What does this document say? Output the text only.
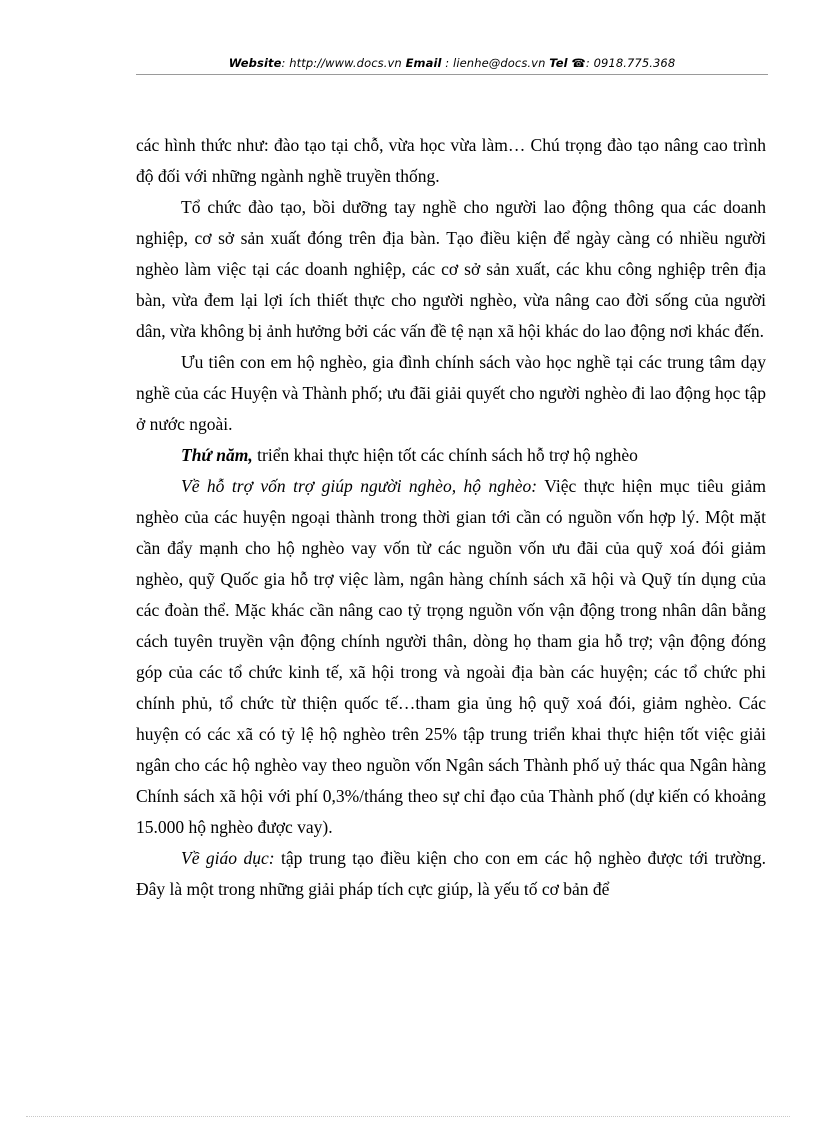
Website: http://www.docs.vn Email : lienhe@docs.vn Tel ☎: 0918.775.368

các hình thức như: đào tạo tại chỗ, vừa học vừa làm… Chú trọng đào tạo nâng cao trình độ đối với những ngành nghề truyền thống.

Tổ chức đào tạo, bồi dưỡng tay nghề cho người lao động thông qua các doanh nghiệp, cơ sở sản xuất đóng trên địa bàn. Tạo điều kiện để ngày càng có nhiều người nghèo làm việc tại các doanh nghiệp, các cơ sở sản xuất, các khu công nghiệp trên địa bàn, vừa đem lại lợi ích thiết thực cho người nghèo, vừa nâng cao đời sống của người dân, vừa không bị ảnh hưởng bởi các vấn đề tệ nạn xã hội khác do lao động nơi khác đến.

Ưu tiên con em hộ nghèo, gia đình chính sách vào học nghề tại các trung tâm dạy nghề của các Huyện và Thành phố; ưu đãi giải quyết cho người nghèo đi lao động học tập ở nước ngoài.

Thứ năm, triển khai thực hiện tốt các chính sách hỗ trợ hộ nghèo

Về hỗ trợ vốn trợ giúp người nghèo, hộ nghèo: Việc thực hiện mục tiêu giảm nghèo của các huyện ngoại thành trong thời gian tới cần có nguồn vốn hợp lý. Một mặt cần đẩy mạnh cho hộ nghèo vay vốn từ các nguồn vốn ưu đãi của quỹ xoá đói giảm nghèo, quỹ Quốc gia hỗ trợ việc làm, ngân hàng chính sách xã hội và Quỹ tín dụng của các đoàn thể. Mặc khác cần nâng cao tỷ trọng nguồn vốn vận động trong nhân dân bằng cách tuyên truyền vận động chính người thân, dòng họ tham gia hỗ trợ; vận động đóng góp của các tổ chức kinh tế, xã hội trong và ngoài địa bàn các huyện; các tổ chức phi chính phủ, tổ chức từ thiện quốc tế…tham gia ủng hộ quỹ xoá đói, giảm nghèo. Các huyện có các xã có tỷ lệ hộ nghèo trên 25% tập trung triển khai thực hiện tốt việc giải ngân cho các hộ nghèo vay theo nguồn vốn Ngân sách Thành phố uỷ thác qua Ngân hàng Chính sách xã hội với phí 0,3%/tháng theo sự chỉ đạo của Thành phố (dự kiến có khoảng 15.000 hộ nghèo được vay).

Về giáo dục: tập trung tạo điều kiện cho con em các hộ nghèo được tới trường. Đây là một trong những giải pháp tích cực giúp, là yếu tố cơ bản để
